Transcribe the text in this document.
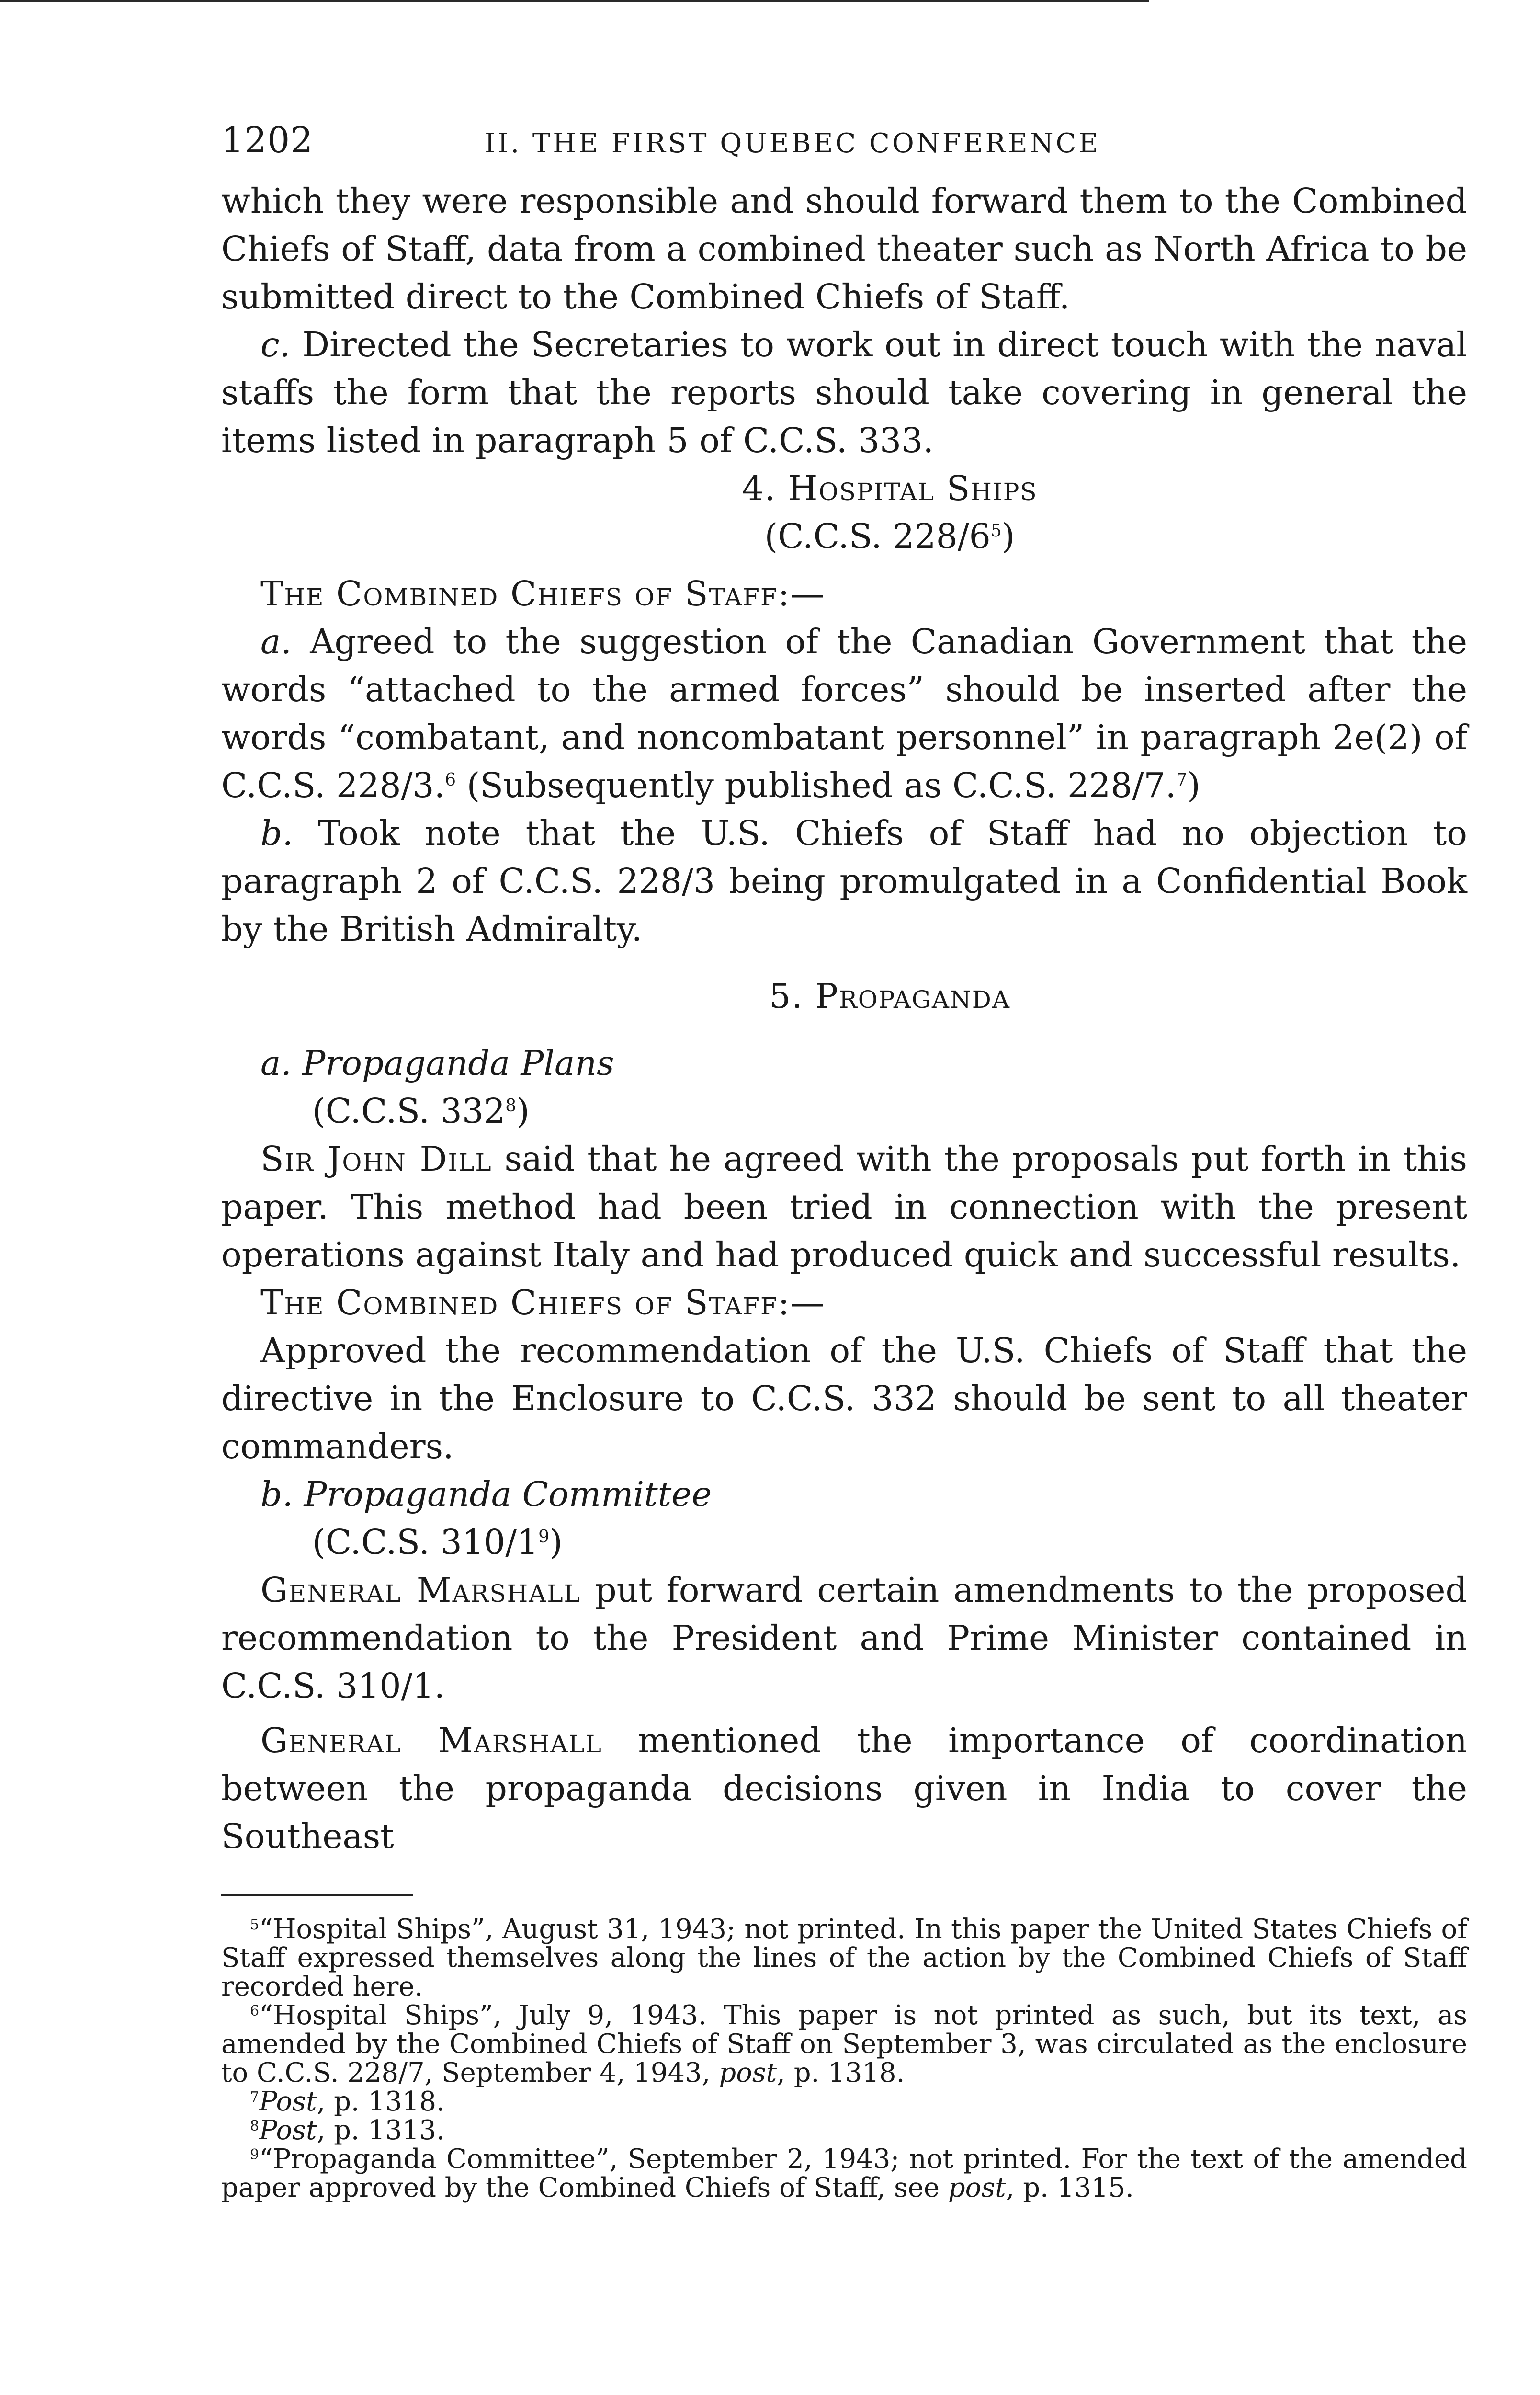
1202	II. THE FIRST QUEBEC CONFERENCE

which they were responsible and should forward them to the Combined Chiefs of Staff, data from a combined theater such as North Africa to be submitted direct to the Combined Chiefs of Staff.

c. Directed the Secretaries to work out in direct touch with the naval staffs the form that the reports should take covering in general the items listed in paragraph 5 of C.C.S. 333.

4. Hospital Ships

(C.C.S. $228/6^5$)

The Combined Chiefs of Staff:—

a. Agreed to the suggestion of the Canadian Government that the words “attached to the armed forces” should be inserted after the words “combatant, and noncombatant personnel” in paragraph 2e(2) of C.C.S. 228/3.$^6$ (Subsequently published as C.C.S. 228/7.$^7$)

b. Took note that the U.S. Chiefs of Staff had no objection to paragraph 2 of C.C.S. 228/3 being promulgated in a Confidential Book by the British Admiralty.

5. Propaganda

a. Propaganda Plans

(C.C.S. $332^8$)

Sir John Dill said that he agreed with the proposals put forth in this paper. This method had been tried in connection with the present operations against Italy and had produced quick and successful results.

The Combined Chiefs of Staff:—

Approved the recommendation of the U.S. Chiefs of Staff that the directive in the Enclosure to C.C.S. 332 should be sent to all theater commanders.

b. Propaganda Committee

(C.C.S. $310/1^9$)

General Marshall put forward certain amendments to the proposed recommendation to the President and Prime Minister contained in C.C.S. 310/1.

General Marshall mentioned the importance of coordination between the propaganda decisions given in India to cover the Southeast

$^5$“Hospital Ships”, August 31, 1943; not printed. In this paper the United States Chiefs of Staff expressed themselves along the lines of the action by the Combined Chiefs of Staff recorded here.

$^6$“Hospital Ships”, July 9, 1943. This paper is not printed as such, but its text, as amended by the Combined Chiefs of Staff on September 3, was circulated as the enclosure to C.C.S. 228/7, September 4, 1943, post, p. 1318.

$^7$Post, p. 1318.

$^8$Post, p. 1313.

$^9$“Propaganda Committee”, September 2, 1943; not printed. For the text of the amended paper approved by the Combined Chiefs of Staff, see post, p. 1315.
